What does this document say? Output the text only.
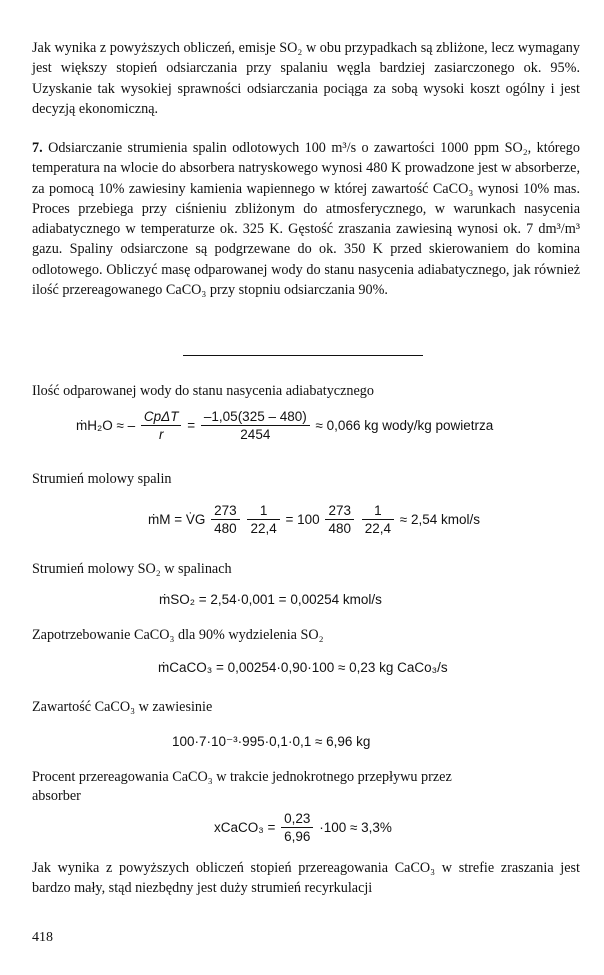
Jak wynika z powyższych obliczeń, emisje SO₂ w obu przypadkach są zbliżone, lecz wymagany jest większy stopień odsiarczania przy spalaniu węgla bardziej zasiarczonego ok. 95%. Uzyskanie tak wysokiej sprawności odsiarczania pociąga za sobą wysoki koszt ogólny i jest decyzją ekonomiczną.
7. Odsiarczanie strumienia spalin odlotowych 100 m³/s o zawartości 1000 ppm SO₂, którego temperatura na wlocie do absorbera natryskowego wynosi 480 K prowadzone jest w absorberze, za pomocą 10% zawiesiny kamienia wapiennego w której zawartość CaCO₃ wynosi 10% mas. Proces przebiega przy ciśnieniu zbliżonym do atmosferycznego, w warunkach nasycenia adiabatycznego w temperaturze ok. 325 K. Gęstość zraszania zawiesiną wynosi ok. 7 dm³/m³ gazu. Spaliny odsiarczone są podgrzewane do ok. 350 K przed skierowaniem do komina odlotowego. Obliczyć masę odparowanej wody do stanu nasycenia adiabatycznego, jak również ilość przereagowanego CaCO₃ przy stopniu odsiarczania 90%.
Ilość odparowanej wody do stanu nasycenia adiabatycznego
ṁH₂O ≈ – $\frac{\text{CpΔT}}{r} = \frac{-1,05(325 - 480)}{2454} \approx 0,066$ kg wody/kg powietrza
Strumień molowy spalin
ṁM = V̇G $\frac{273}{480}$
$\frac{1}{22,4} = 100 \frac{273}{480}$
$\frac{1}{22,4} \approx 2,54$ kmol/s
Strumień molowy SO₂ w spalinach
ṁSO₂ = 2,54·0,001 = 0,00254 kmol/s
Zapotrzebowanie CaCO₃ dla 90% wydzielenia SO₂
ṁCaCO₃ = 0,00254·0,90·100 ≈ 0,23 kg CaCo₃/s
Zawartość CaCO₃ w zawiesinie
100·7·10⁻³·995·0,1·0,1 ≈ 6,96 kg
Procent przereagowania CaCO₃ w trakcie jednokrotnego przepływu przez
absorber
xCaCO₃ = $\frac{0,23}{6,96} \cdot 100 \approx 3,3\%$
Jak wynika z powyższych obliczeń stopień przereagowania CaCO₃ w strefie zraszania jest bardzo mały, stąd niezbędny jest duży strumień recyrkulacji
418
